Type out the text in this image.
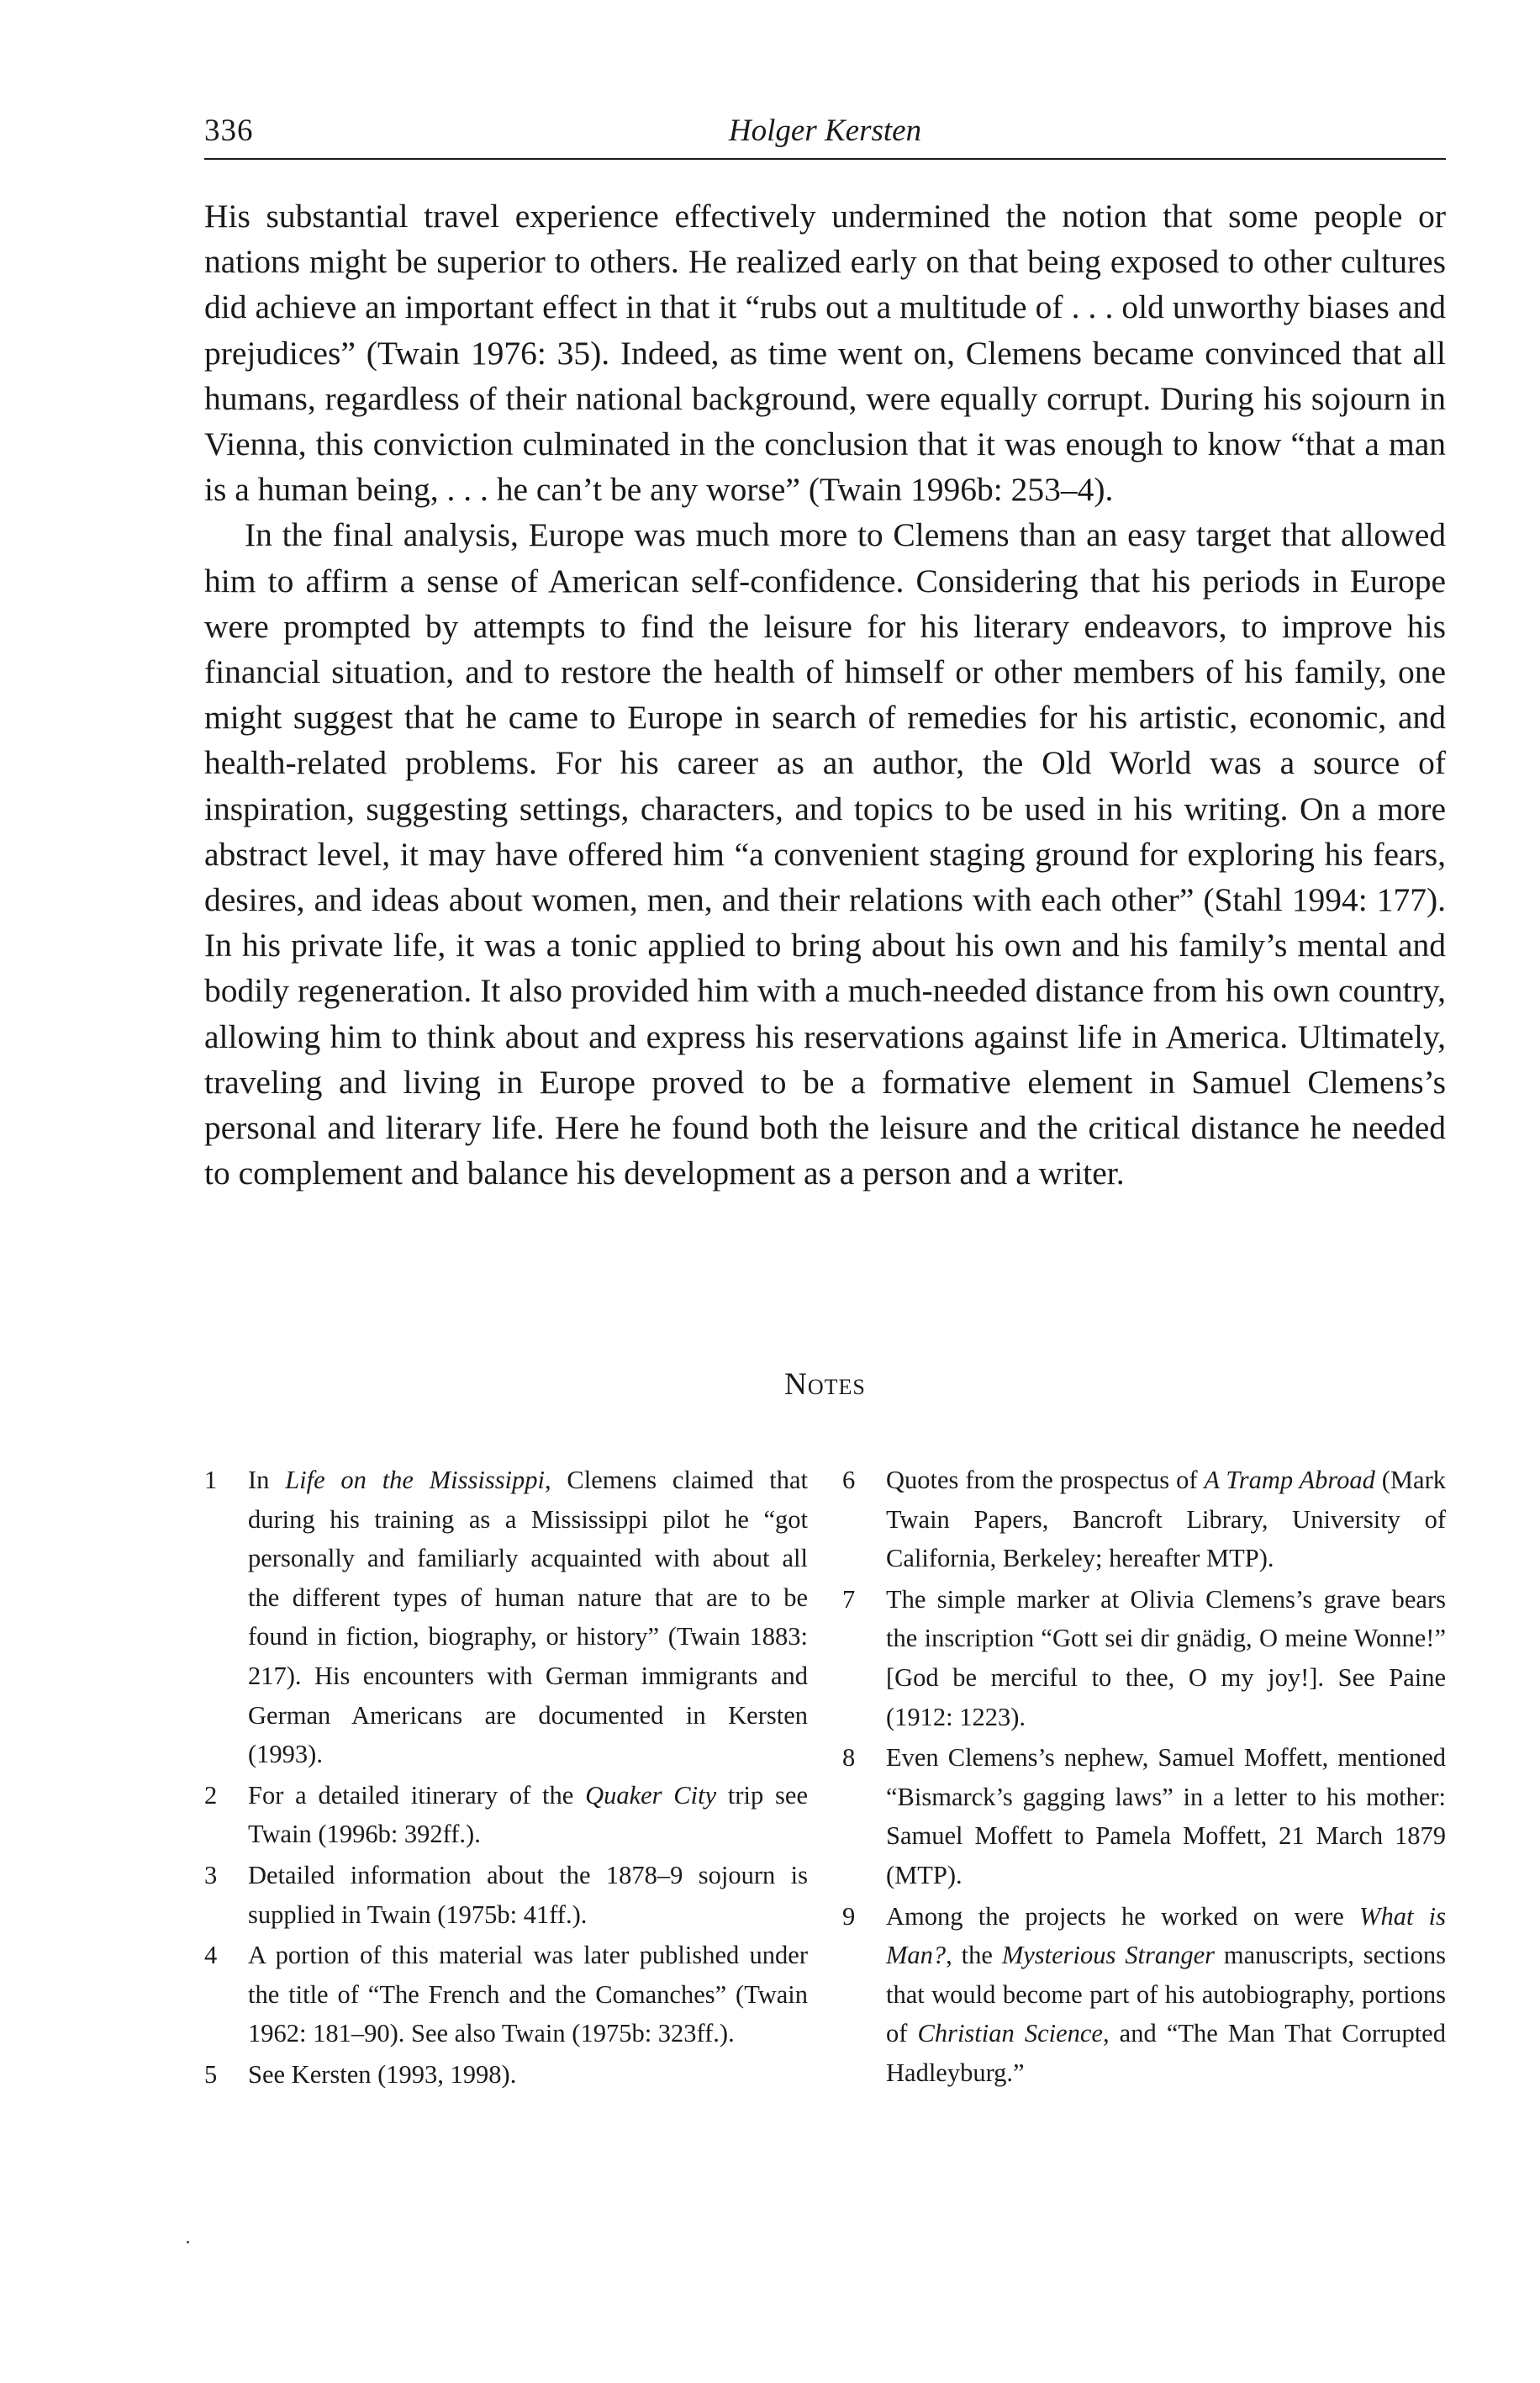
336	Holger Kersten

His substantial travel experience effectively undermined the notion that some people or nations might be superior to others. He realized early on that being exposed to other cultures did achieve an important effect in that it “rubs out a multitude of . . . old unworthy biases and prejudices” (Twain 1976: 35). Indeed, as time went on, Clemens became convinced that all humans, regardless of their national background, were equally corrupt. During his sojourn in Vienna, this conviction culminated in the conclusion that it was enough to know “that a man is a human being, . . . he can’t be any worse” (Twain 1996b: 253–4).

In the final analysis, Europe was much more to Clemens than an easy target that allowed him to affirm a sense of American self-confidence. Considering that his periods in Europe were prompted by attempts to find the leisure for his literary endeavors, to improve his financial situation, and to restore the health of himself or other members of his family, one might suggest that he came to Europe in search of remedies for his artistic, economic, and health-related problems. For his career as an author, the Old World was a source of inspiration, suggesting settings, characters, and topics to be used in his writing. On a more abstract level, it may have offered him “a convenient staging ground for exploring his fears, desires, and ideas about women, men, and their relations with each other” (Stahl 1994: 177). In his private life, it was a tonic applied to bring about his own and his family’s mental and bodily regeneration. It also provided him with a much-needed distance from his own country, allowing him to think about and express his reservations against life in America. Ultimately, traveling and living in Europe proved to be a formative element in Samuel Clemens’s personal and literary life. Here he found both the leisure and the critical distance he needed to complement and balance his development as a person and a writer.

Notes
1	In Life on the Mississippi, Clemens claimed that during his training as a Mississippi pilot he “got personally and familiarly acquainted with about all the different types of human nature that are to be found in fiction, biography, or history” (Twain 1883: 217). His encounters with German immigrants and German Americans are documented in Kersten (1993).
2	For a detailed itinerary of the Quaker City trip see Twain (1996b: 392ff.).
3	Detailed information about the 1878–9 sojourn is supplied in Twain (1975b: 41ff.).
4	A portion of this material was later published under the title of “The French and the Comanches” (Twain 1962: 181–90). See also Twain (1975b: 323ff.).
5	See Kersten (1993, 1998).
6	Quotes from the prospectus of A Tramp Abroad (Mark Twain Papers, Bancroft Library, University of California, Berkeley; hereafter MTP).
7	The simple marker at Olivia Clemens’s grave bears the inscription “Gott sei dir gnädig, O meine Wonne!” [God be merciful to thee, O my joy!]. See Paine (1912: 1223).
8	Even Clemens’s nephew, Samuel Moffett, mentioned “Bismarck’s gagging laws” in a letter to his mother: Samuel Moffett to Pamela Moffett, 21 March 1879 (MTP).
9	Among the projects he worked on were What is Man?, the Mysterious Stranger manuscripts, sections that would become part of his autobiography, portions of Christian Science, and “The Man That Corrupted Hadleyburg.”
